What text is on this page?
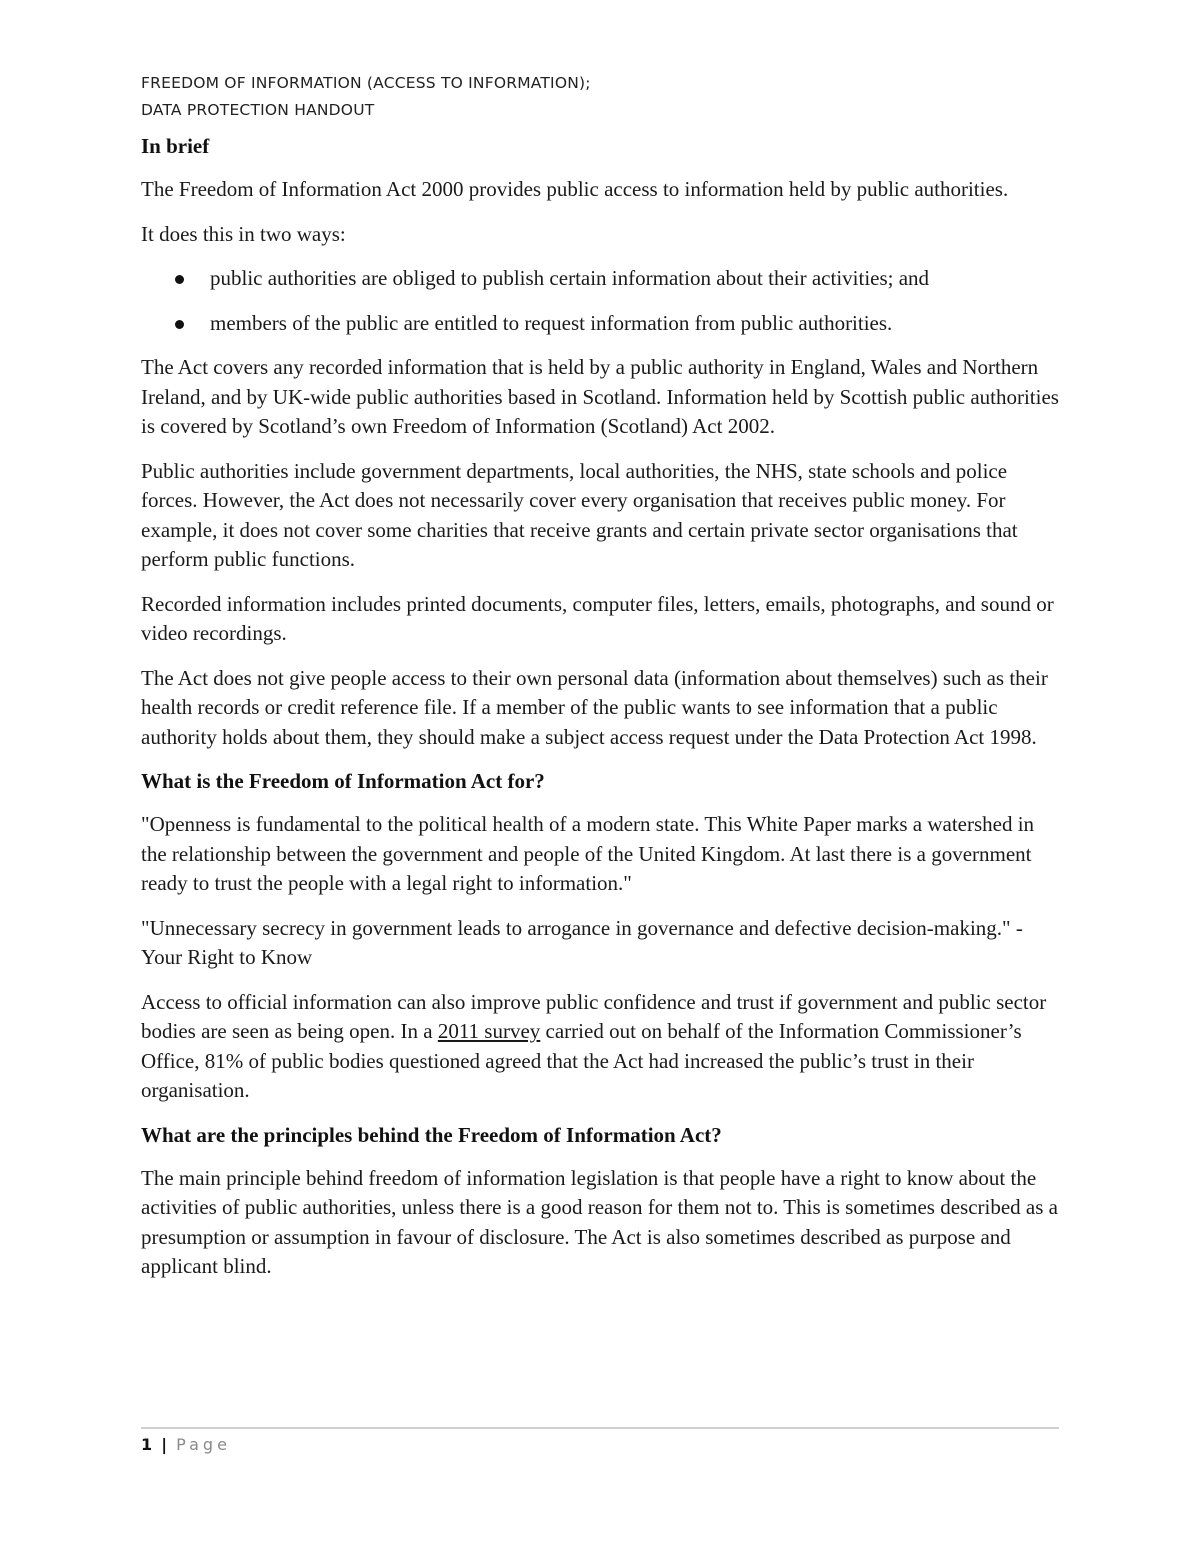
FREEDOM OF INFORMATION (ACCESS TO INFORMATION);
DATA PROTECTION HANDOUT
In brief

The Freedom of Information Act 2000 provides public access to information held by public authorities.

It does this in two ways:

public authorities are obliged to publish certain information about their activities; and
members of the public are entitled to request information from public authorities.

The Act covers any recorded information that is held by a public authority in England, Wales and Northern Ireland, and by UK-wide public authorities based in Scotland. Information held by Scottish public authorities is covered by Scotland’s own Freedom of Information (Scotland) Act 2002.

Public authorities include government departments, local authorities, the NHS, state schools and police forces. However, the Act does not necessarily cover every organisation that receives public money. For example, it does not cover some charities that receive grants and certain private sector organisations that perform public functions.

Recorded information includes printed documents, computer files, letters, emails, photographs, and sound or video recordings.

The Act does not give people access to their own personal data (information about themselves) such as their health records or credit reference file. If a member of the public wants to see information that a public authority holds about them, they should make a subject access request under the Data Protection Act 1998.

What is the Freedom of Information Act for?

"Openness is fundamental to the political health of a modern state. This White Paper marks a watershed in the relationship between the government and people of the United Kingdom. At last there is a government ready to trust the people with a legal right to information."

"Unnecessary secrecy in government leads to arrogance in governance and defective decision-making." - Your Right to Know

Access to official information can also improve public confidence and trust if government and public sector bodies are seen as being open. In a 2011 survey carried out on behalf of the Information Commissioner’s Office, 81% of public bodies questioned agreed that the Act had increased the public’s trust in their organisation.

What are the principles behind the Freedom of Information Act?

The main principle behind freedom of information legislation is that people have a right to know about the activities of public authorities, unless there is a good reason for them not to. This is sometimes described as a presumption or assumption in favour of disclosure. The Act is also sometimes described as purpose and applicant blind.

1 | Page
